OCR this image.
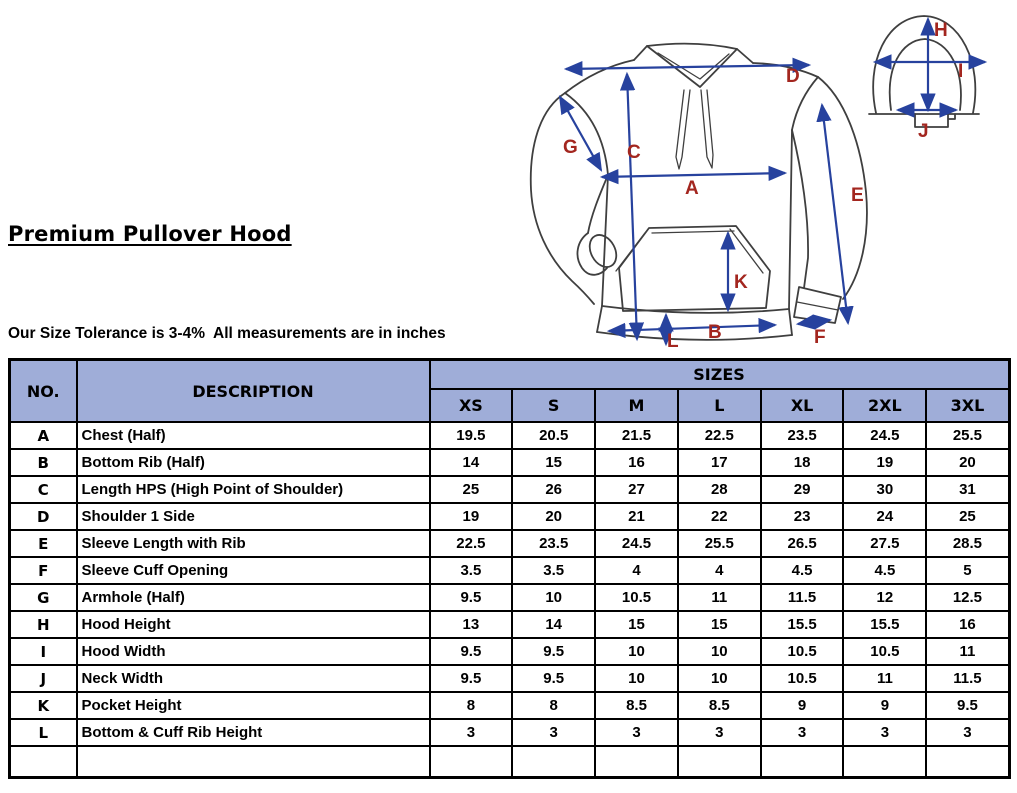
Premium Pullover Hood

Our Size Tolerance is 3-4%  All measurements are in inches

D
G	C
A	E
K
B
L	F
H
I
J
NO.	DESCRIPTION	SIZES						
		XS	S	M	L	XL	2XL	3XL
A	Chest (Half)	19.5	20.5	21.5	22.5	23.5	24.5	25.5
B	Bottom Rib (Half)	14	15	16	17	18	19	20
C	Length HPS (High Point of Shoulder)	25	26	27	28	29	30	31
D	Shoulder 1 Side	19	20	21	22	23	24	25
E	Sleeve Length with Rib	22.5	23.5	24.5	25.5	26.5	27.5	28.5
F	Sleeve Cuff Opening	3.5	3.5	4	4	4.5	4.5	5
G	Armhole (Half)	9.5	10	10.5	11	11.5	12	12.5
H	Hood Height	13	14	15	15	15.5	15.5	16
I	Hood Width	9.5	9.5	10	10	10.5	10.5	11
J	Neck Width	9.5	9.5	10	10	10.5	11	11.5
K	Pocket Height	8	8	8.5	8.5	9	9	9.5
L	Bottom & Cuff Rib Height	3	3	3	3	3	3	3
